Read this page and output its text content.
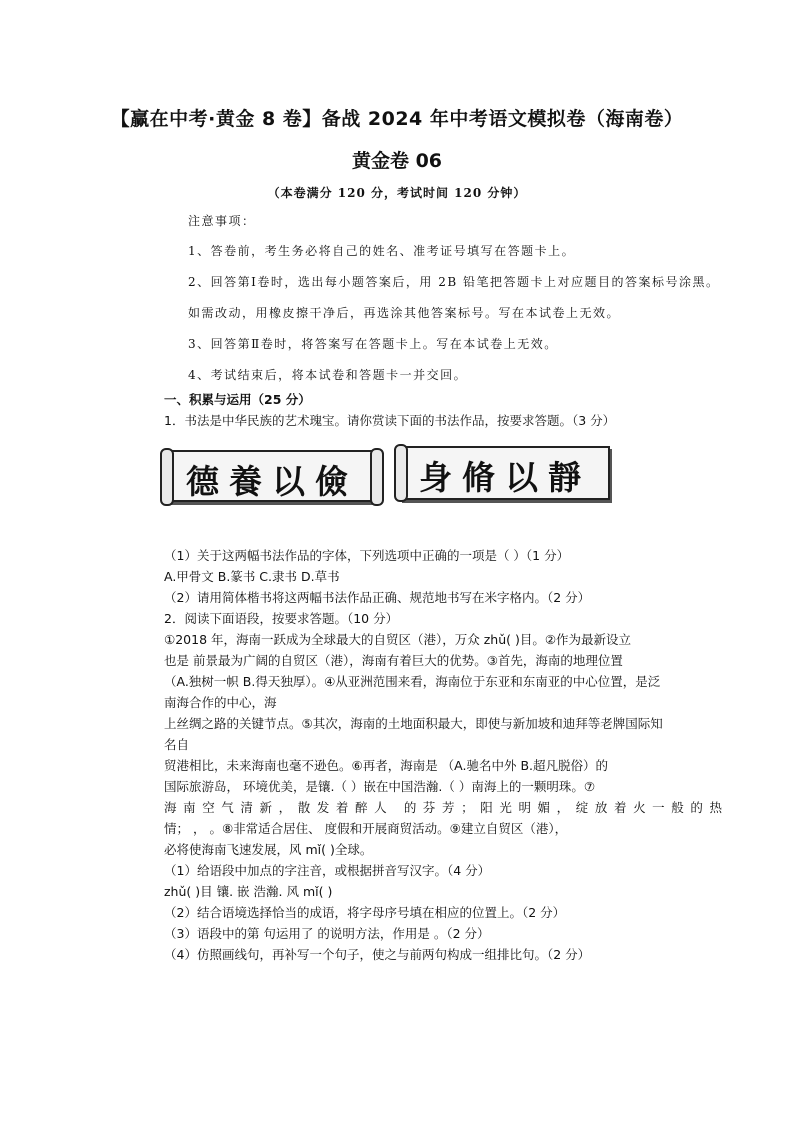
【赢在中考·黄金 8 卷】备战 2024 年中考语文模拟卷（海南卷）
黄金卷 06
（本卷满分 120 分，考试时间 120 分钟）
注意事项：
1、答卷前，考生务必将自己的姓名、准考证号填写在答题卡上。
2、回答第Ⅰ卷时，选出每小题答案后，用 2B 铅笔把答题卡上对应题目的答案标号涂黑。
如需改动，用橡皮擦干净后，再选涂其他答案标号。写在本试卷上无效。
3、回答第Ⅱ卷时，将答案写在答题卡上。写在本试卷上无效。
4、考试结束后，将本试卷和答题卡一并交回。
一、积累与运用（25 分）
1．书法是中华民族的艺术瑰宝。请你赏读下面的书法作品，按要求答题。（3 分）
德養以儉	身脩以靜
（1）关于这两幅书法作品的字体，下列选项中正确的一项是（ ）（1 分）
A.甲骨文 B.篆书 C.隶书 D.草书
（2）请用简体楷书将这两幅书法作品正确、规范地书写在米字格内。（2 分）
2．阅读下面语段，按要求答题。（10 分）
①2018 年，海南一跃成为全球最大的自贸区（港），万众 zhǔ( )目。②作为最新设立
也是 前景最为广阔的自贸区（港），海南有着巨大的优势。③首先，海南的地理位置
（A.独树一帜 B.得天独厚）。④从亚洲范围来看，海南位于东亚和东南亚的中心位置，是泛
南海合作的中心，海
上丝绸之路的关键节点。⑤其次，海南的土地面积最大，即使与新加坡和迪拜等老牌国际知
名自
贸港相比，未来海南也毫不逊色。⑥再者，海南是 （A.驰名中外 B.超凡脱俗）的
国际旅游岛， 环境优美，是镶.（ ）嵌在中国浩瀚.（ ）南海上的一颗明珠。⑦
海南空气清新，散发着醉人 的芬芳；阳光明媚，绽放着火一般的热
情； ， 。⑧非常适合居住、 度假和开展商贸活动。⑨建立自贸区（港），
必将使海南飞速发展，风 mǐ( )全球。
（1）给语段中加点的字注音，或根据拼音写汉字。（4 分）
zhǔ( )目 镶. 嵌 浩瀚. 风 mǐ( )
（2）结合语境选择恰当的成语，将字母序号填在相应的位置上。（2 分）
（3）语段中的第 句运用了 的说明方法，作用是 。（2 分）
（4）仿照画线句，再补写一个句子，使之与前两句构成一组排比句。（2 分）
